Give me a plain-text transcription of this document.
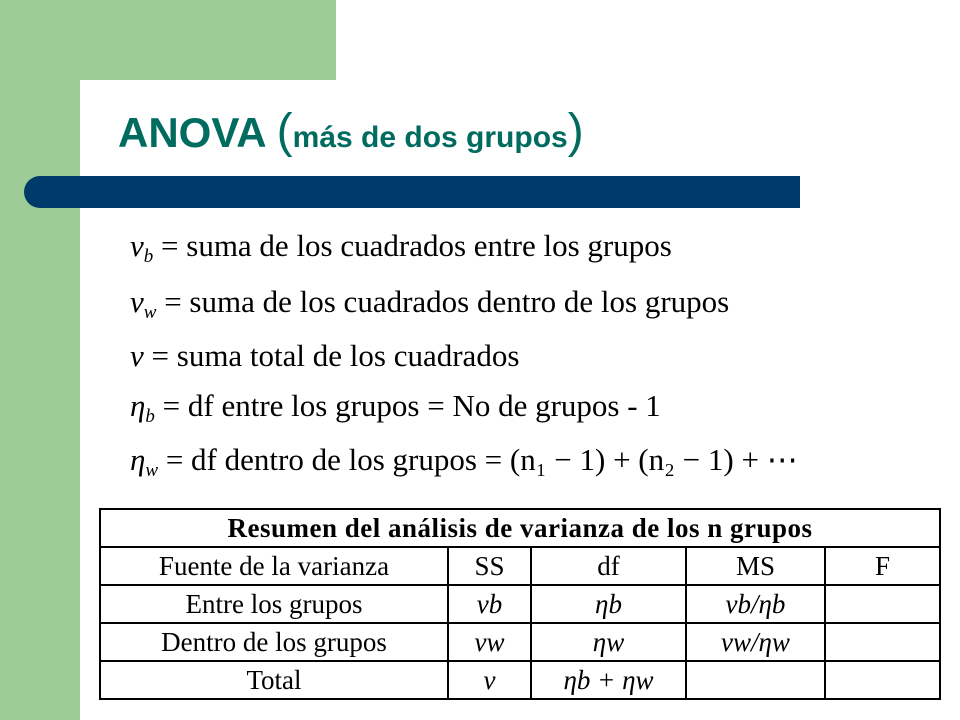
ANOVA (más de dos grupos)
vb = suma de los cuadrados entre los grupos
vw = suma de los cuadrados dentro de los grupos
v = suma total de los cuadrados
ηb = df entre los grupos = No de grupos - 1
ηw = df dentro de los grupos = (n₁ − 1) + (n₂ − 1) + ⋯
Resumen del análisis de varianza de los n grupos				
Fuente de la varianza	SS	df	MS	F
Entre los grupos	vb	ηb	vb/ηb	
Dentro de los grupos	vw	ηw	vw/ηw	
Total	v	ηb + ηw		
